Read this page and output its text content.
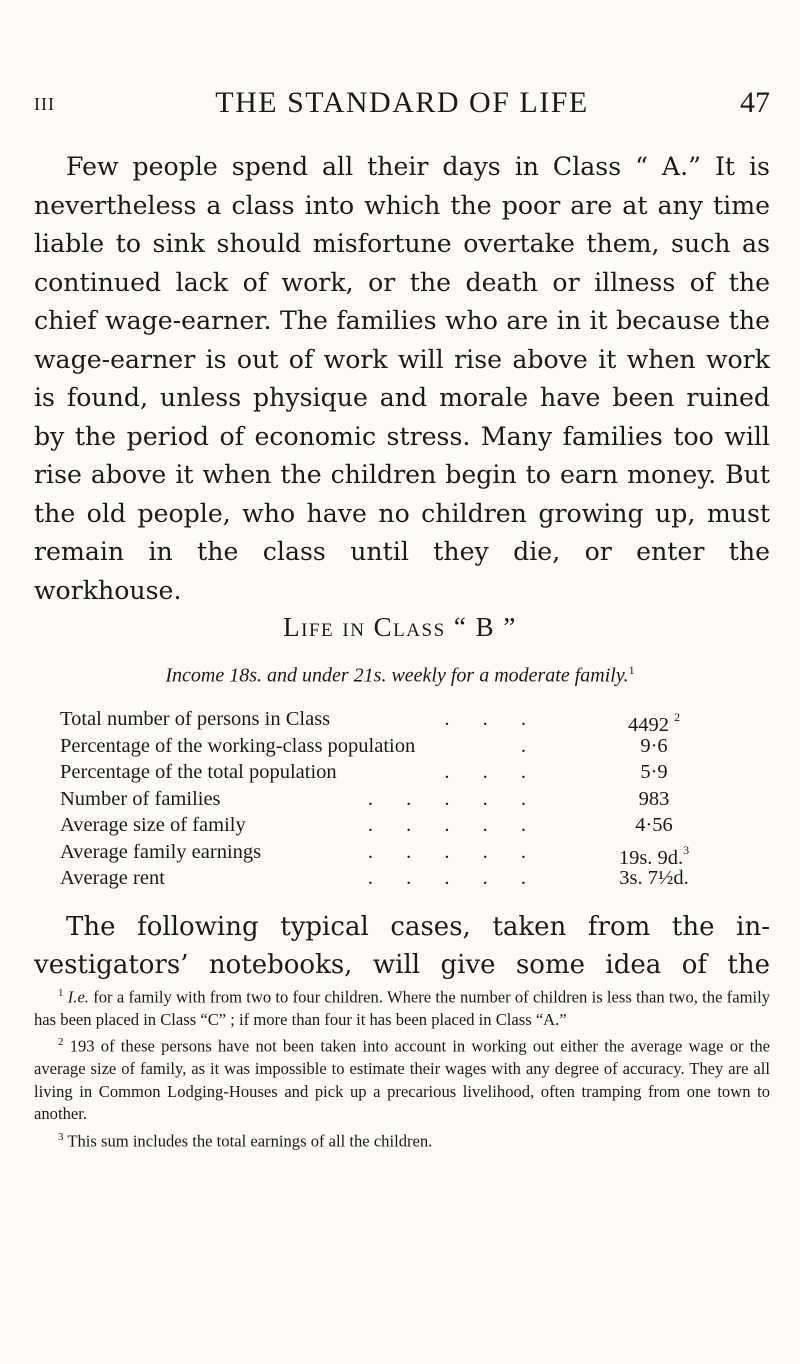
III	THE STANDARD OF LIFE	47

Few people spend all their days in Class “ A.” It is nevertheless a class into which the poor are at any time liable to sink should misfortune overtake them, such as continued lack of work, or the death or illness of the chief wage-earner. The families who are in it because the wage-earner is out of work will rise above it when work is found, unless physique and morale have been ruined by the period of economic stress. Many families too will rise above it when the children begin to earn money. But the old people, who have no children growing up, must remain in the class until they die, or enter the workhouse.

Life in Class “ B ”
Income 18s. and under 21s. weekly for a moderate family.$^1$
Total number of persons in Class	. . .	4492 $^2$
Percentage of the working-class population	.	9·6
Percentage of the total population	. . .	5·9
Number of families	. . . . .	983
Average size of family	. . . . .	4·56
Average family earnings	. . . . .	19s. 9d.$^3$
Average rent	. . . . .	3s. 7½d.

The following typical cases, taken from the in-
vestigators’ notebooks, will give some idea of the

$^1$ I.e. for a family with from two to four children. Where the number of children is less than two, the family has been placed in Class “C” ; if more than four it has been placed in Class “A.”

$^2$ 193 of these persons have not been taken into account in working out either the average wage or the average size of family, as it was impossible to estimate their wages with any degree of accuracy. They are all living in Common Lodging-Houses and pick up a precarious livelihood, often tramping from one town to another.

$^3$ This sum includes the total earnings of all the children.
